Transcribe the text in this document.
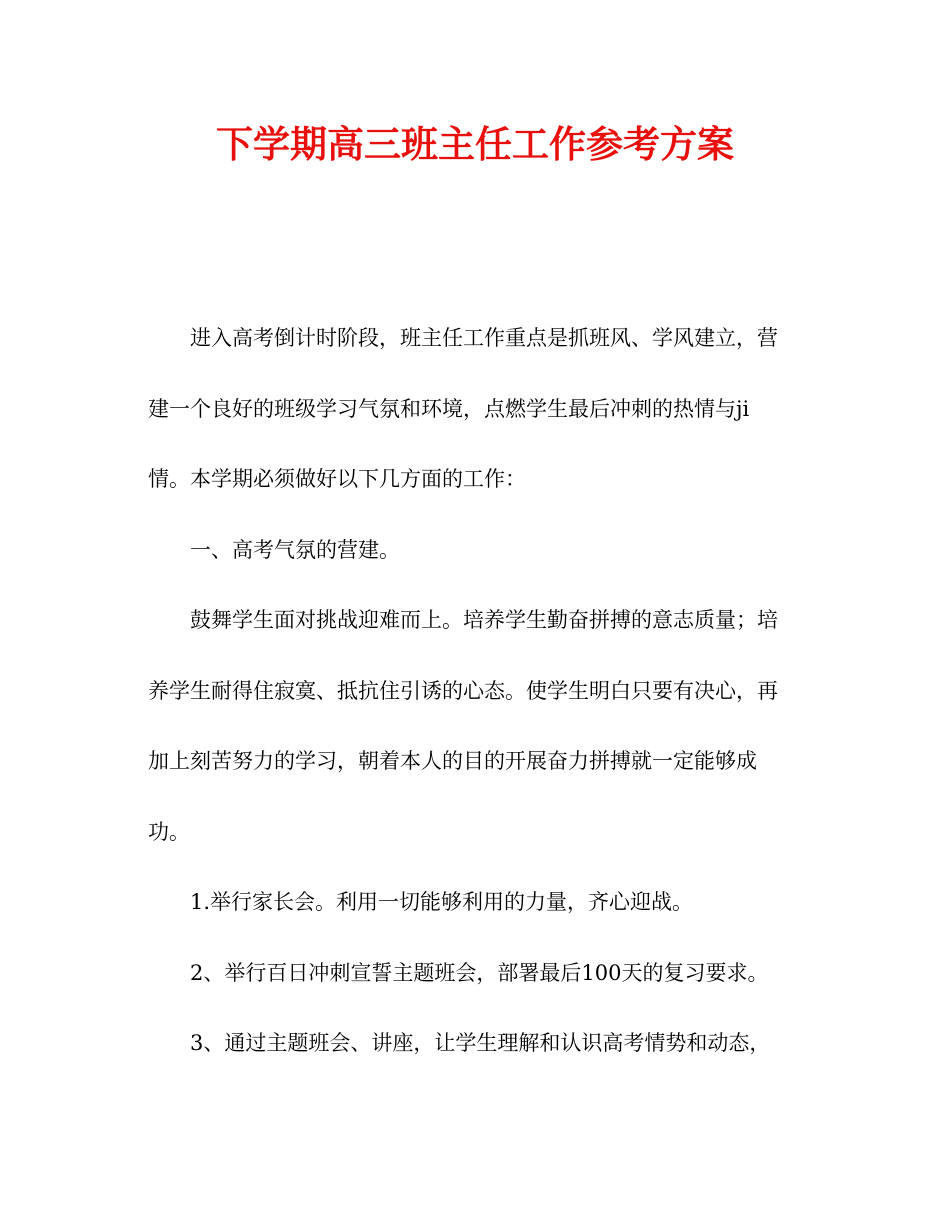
下学期高三班主任工作参考方案

进入高考倒计时阶段，班主任工作重点是抓班风、学风建立，营

建一个良好的班级学习气氛和环境，点燃学生最后冲刺的热情与ji

情。本学期必须做好以下几方面的工作：

一、高考气氛的营建。

鼓舞学生面对挑战迎难而上。培养学生勤奋拼搏的意志质量；培

养学生耐得住寂寞、抵抗住引诱的心态。使学生明白只要有决心，再

加上刻苦努力的学习，朝着本人的目的开展奋力拼搏就一定能够成

功。

1.举行家长会。利用一切能够利用的力量，齐心迎战。

2、举行百日冲刺宣誓主题班会，部署最后100天的复习要求。

3、通过主题班会、讲座，让学生理解和认识高考情势和动态，
